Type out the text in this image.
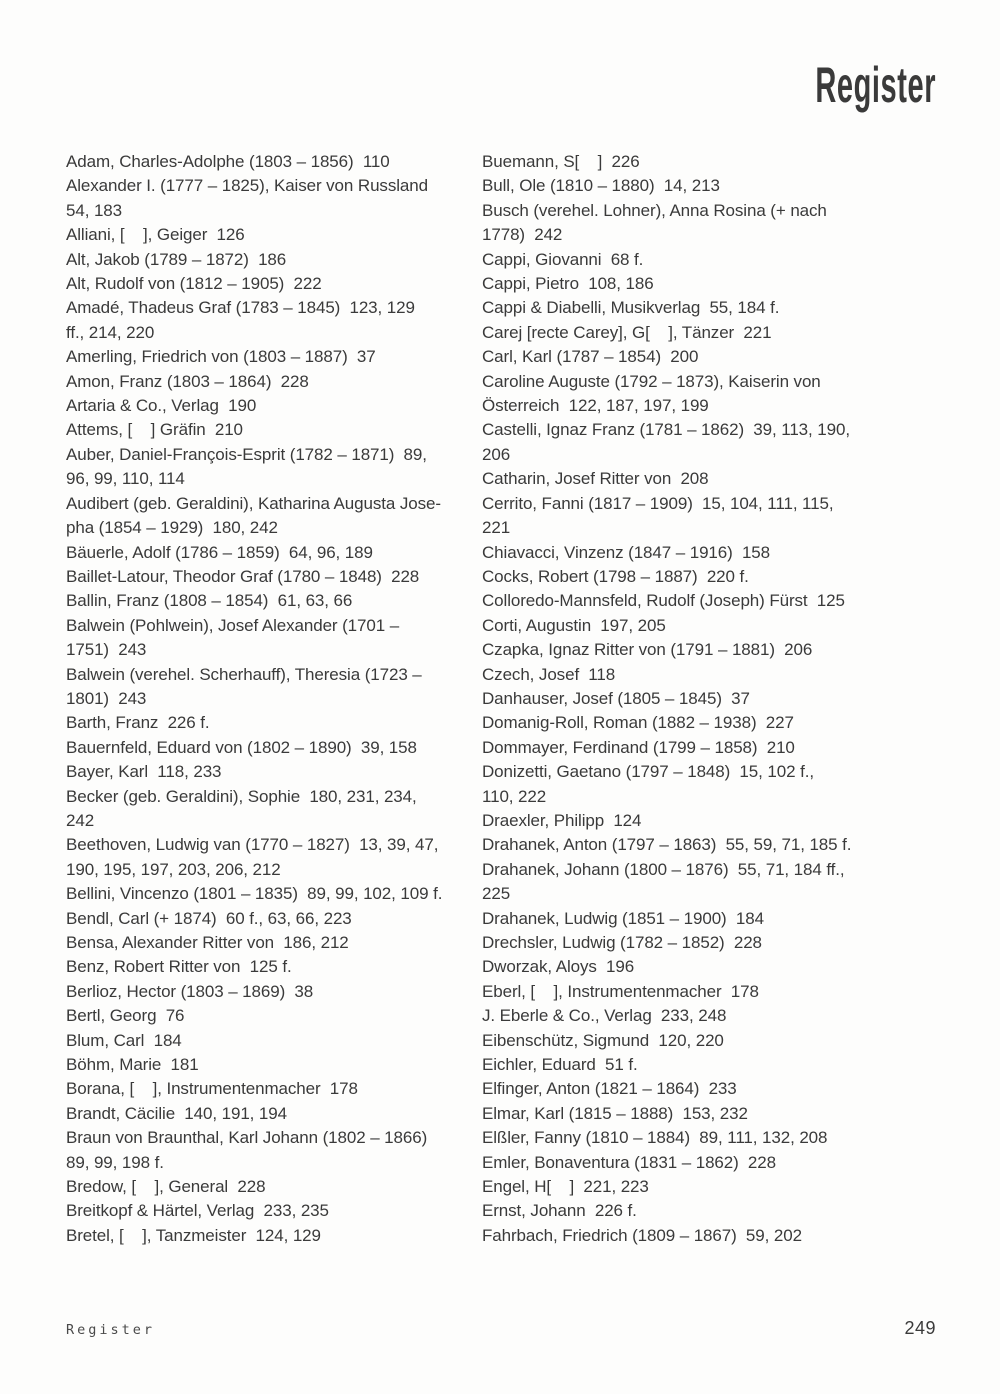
Register
Adam, Charles-Adolphe (1803 – 1856)  110
Alexander I. (1777 – 1825), Kaiser von Russland
54, 183
Alliani, [    ], Geiger  126
Alt, Jakob (1789 – 1872)  186
Alt, Rudolf von (1812 – 1905)  222
Amadé, Thadeus Graf (1783 – 1845)  123, 129
ff., 214, 220
Amerling, Friedrich von (1803 – 1887)  37
Amon, Franz (1803 – 1864)  228
Artaria & Co., Verlag  190
Attems, [    ] Gräfin  210
Auber, Daniel-François-Esprit (1782 – 1871)  89,
96, 99, 110, 114
Audibert (geb. Geraldini), Katharina Augusta Jose-
pha (1854 – 1929)  180, 242
Bäuerle, Adolf (1786 – 1859)  64, 96, 189
Baillet-Latour, Theodor Graf (1780 – 1848)  228
Ballin, Franz (1808 – 1854)  61, 63, 66
Balwein (Pohlwein), Josef Alexander (1701 –
1751)  243
Balwein (verehel. Scherhauff), Theresia (1723 –
1801)  243
Barth, Franz  226 f.
Bauernfeld, Eduard von (1802 – 1890)  39, 158
Bayer, Karl  118, 233
Becker (geb. Geraldini), Sophie  180, 231, 234,
242
Beethoven, Ludwig van (1770 – 1827)  13, 39, 47,
190, 195, 197, 203, 206, 212
Bellini, Vincenzo (1801 – 1835)  89, 99, 102, 109 f.
Bendl, Carl (+ 1874)  60 f., 63, 66, 223
Bensa, Alexander Ritter von  186, 212
Benz, Robert Ritter von  125 f.
Berlioz, Hector (1803 – 1869)  38
Bertl, Georg  76
Blum, Carl  184
Böhm, Marie  181
Borana, [    ], Instrumentenmacher  178
Brandt, Cäcilie  140, 191, 194
Braun von Braunthal, Karl Johann (1802 – 1866)
89, 99, 198 f.
Bredow, [    ], General  228
Breitkopf & Härtel, Verlag  233, 235
Bretel, [    ], Tanzmeister  124, 129
Buemann, S[    ]  226
Bull, Ole (1810 – 1880)  14, 213
Busch (verehel. Lohner), Anna Rosina (+ nach
1778)  242
Cappi, Giovanni  68 f.
Cappi, Pietro  108, 186
Cappi & Diabelli, Musikverlag  55, 184 f.
Carej [recte Carey], G[    ], Tänzer  221
Carl, Karl (1787 – 1854)  200
Caroline Auguste (1792 – 1873), Kaiserin von
Österreich  122, 187, 197, 199
Castelli, Ignaz Franz (1781 – 1862)  39, 113, 190,
206
Catharin, Josef Ritter von  208
Cerrito, Fanni (1817 – 1909)  15, 104, 111, 115,
221
Chiavacci, Vinzenz (1847 – 1916)  158
Cocks, Robert (1798 – 1887)  220 f.
Colloredo-Mannsfeld, Rudolf (Joseph) Fürst  125
Corti, Augustin  197, 205
Czapka, Ignaz Ritter von (1791 – 1881)  206
Czech, Josef  118
Danhauser, Josef (1805 – 1845)  37
Domanig-Roll, Roman (1882 – 1938)  227
Dommayer, Ferdinand (1799 – 1858)  210
Donizetti, Gaetano (1797 – 1848)  15, 102 f.,
110, 222
Draexler, Philipp  124
Drahanek, Anton (1797 – 1863)  55, 59, 71, 185 f.
Drahanek, Johann (1800 – 1876)  55, 71, 184 ff.,
225
Drahanek, Ludwig (1851 – 1900)  184
Drechsler, Ludwig (1782 – 1852)  228
Dworzak, Aloys  196
Eberl, [    ], Instrumentenmacher  178
J. Eberle & Co., Verlag  233, 248
Eibenschütz, Sigmund  120, 220
Eichler, Eduard  51 f.
Elfinger, Anton (1821 – 1864)  233
Elmar, Karl (1815 – 1888)  153, 232
Elßler, Fanny (1810 – 1884)  89, 111, 132, 208
Emler, Bonaventura (1831 – 1862)  228
Engel, H[    ]  221, 223
Ernst, Johann  226 f.
Fahrbach, Friedrich (1809 – 1867)  59, 202
Register	249
